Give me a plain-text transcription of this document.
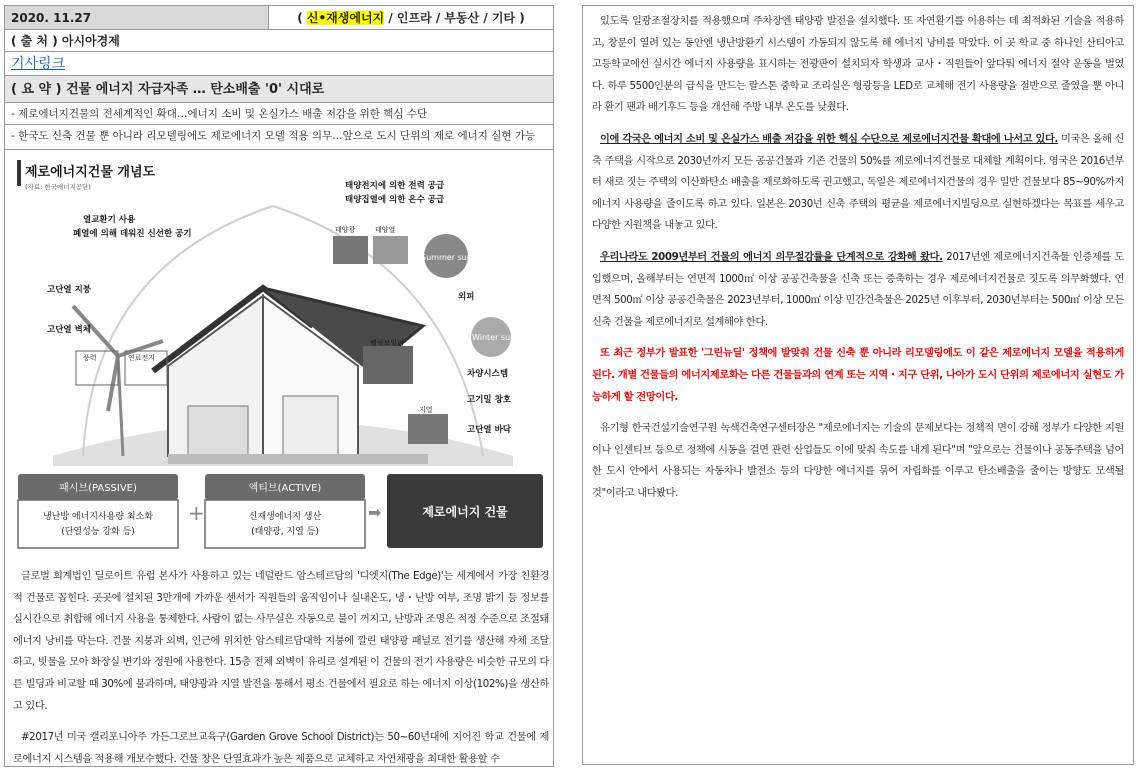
2020. 11.27	( 신•재생에너지 / 인프라 / 부동산 / 기타 )
( 출 처 ) 아시아경제
기사링크
( 요 약 ) 건물 에너지 자급자족 … 탄소배출 '0' 시대로
- 제로에너지건물의 전세계적인 확대…에너지 소비 및 온실가스 배출 저감을 위한 핵심 수단
- 한국도 신축 건물 뿐 아니라 리모델링에도 제로에너지 모델 적용 의무…앞으로 도시 단위의 제로 에너지 실현 가능
제로에너지건물 개념도
(자료: 한국에너지공단)
열교환기 사용
폐열에 의해 데워진 신선한 공기
태양전지에 의한 전력 공급
태양집열에 의한 온수 공급
고단열 지붕
고단열 벽체
외피
차양시스템
고기밀 창호
고단열 바닥
태양광	태양열
풍력	연료전지
펠릿보일러
지열
Summer sun
Winter sun
패시브(PASSIVE)
냉난방 에너지사용량 최소화
(단열성능 강화 등)
+
액티브(ACTIVE)
신재생에너지 생산
(태양광, 지열 등)
➡	제로에너지 건물

글로벌 회계법인 딜로이트 유럽 본사가 사용하고 있는 네덜란드 암스테르담의 '디엣지(The Edge)'는 세계에서 가장 친환경적 건물로 꼽힌다. 곳곳에 설치된 3만개에 가까운 센서가 직원들의 움직임이나 실내온도, 냉・난방 여부, 조명 밝기 등 정보를 실시간으로 취합해 에너지 사용을 통제한다. 사람이 없는 사무실은 자동으로 불이 꺼지고, 난방과 조명은 적정 수준으로 조절돼 에너지 낭비를 막는다. 건물 지붕과 외벽, 인근에 위치한 암스테르담대학 지붕에 깔린 태양광 패널로 전기를 생산해 자체 조달하고, 빗물을 모아 화장실 변기와 정원에 사용한다. 15층 전체 외벽이 유리로 설계된 이 건물의 전기 사용량은 비슷한 규모의 다른 빌딩과 비교할 때 30%에 불과하며, 태양광과 지열 발전을 통해서 평소 건물에서 필요로 하는 에너지 이상(102%)을 생산하고 있다.

#2017년 미국 캘리포니아주 가든그로브교육구(Garden Grove School District)는 50~60년대에 지어진 학교 건물에 제로에너지 시스템을 적용해 개보수했다. 건물 창은 단열효과가 높은 제품으로 교체하고 자연채광을 최대한 활용할 수

있도록 일광조절장치를 적용했으며 주차장엔 태양광 발전을 설치했다. 또 자연환기를 이용하는 데 최적화된 기술을 적용하고, 창문이 열려 있는 동안엔 냉난방환기 시스템이 가동되지 않도록 해 에너지 낭비를 막았다. 이 곳 학교 중 하나인 산티아고 고등학교에선 실시간 에너지 사용량을 표시하는 전광판이 설치되자 학생과 교사・직원들이 앞다퉈 에너지 절약 운동을 벌였다. 하루 5500인분의 급식을 만드는 랄스톤 중학교 조리실은 형광등을 LED로 교체해 전기 사용량을 절반으로 줄였을 뿐 아니라 환기 팬과 배기후드 등을 개선해 주방 내부 온도를 낮췄다.

이에 각국은 에너지 소비 및 온실가스 배출 저감을 위한 핵심 수단으로 제로에너지건물 확대에 나서고 있다. 미국은 올해 신축 주택을 시작으로 2030년까지 모든 공공건물과 기존 건물의 50%를 제로에너지건물로 대체할 계획이다. 영국은 2016년부터 새로 짓는 주택의 이산화탄소 배출을 제로화하도록 권고했고, 독일은 제로에너지건물의 경우 일반 건물보다 85~90%까지 에너지 사용량을 줄이도록 하고 있다. 일본은 2030년 신축 주택의 평균을 제로에너지빌딩으로 실현하겠다는 목표를 세우고 다양한 지원책을 내놓고 있다.

우리나라도 2009년부터 건물의 에너지 의무절감률을 단계적으로 강화해 왔다. 2017년엔 제로에너지건축물 인증제를 도입했으며, 올해부터는 연면적 1000㎡ 이상 공공건축물을 신축 또는 증축하는 경우 제로에너지건물로 짓도록 의무화했다. 연면적 500㎡ 이상 공공건축물은 2023년부터, 1000㎡ 이상 민간건축물은 2025년 이후부터, 2030년부터는 500㎡ 이상 모든 신축 건물을 제로에너지로 설계해야 한다.

또 최근 정부가 발표한 '그린뉴딜' 정책에 발맞춰 건물 신축 뿐 아니라 리모델링에도 이 같은 제로에너지 모델을 적용하게 된다. 개별 건물들의 에너지제로화는 다른 건물들과의 연계 또는 지역・지구 단위, 나아가 도시 단위의 제로에너지 실현도 가능하게 할 전망이다.

유기형 한국건설기술연구원 녹색건축연구센터장은 "제로에너지는 기술의 문제보다는 정책적 면이 강해 정부가 다양한 지원이나 인센티브 등으로 정책에 시동을 걸면 관련 산업들도 이에 맞춰 속도를 내게 된다"며 "앞으로는 건물이나 공동주택을 넘어 한 도시 안에서 사용되는 자동차나 발전소 등의 다양한 에너지를 묶어 자립화를 이루고 탄소배출을 줄이는 방향도 모색될 것"이라고 내다봤다.
